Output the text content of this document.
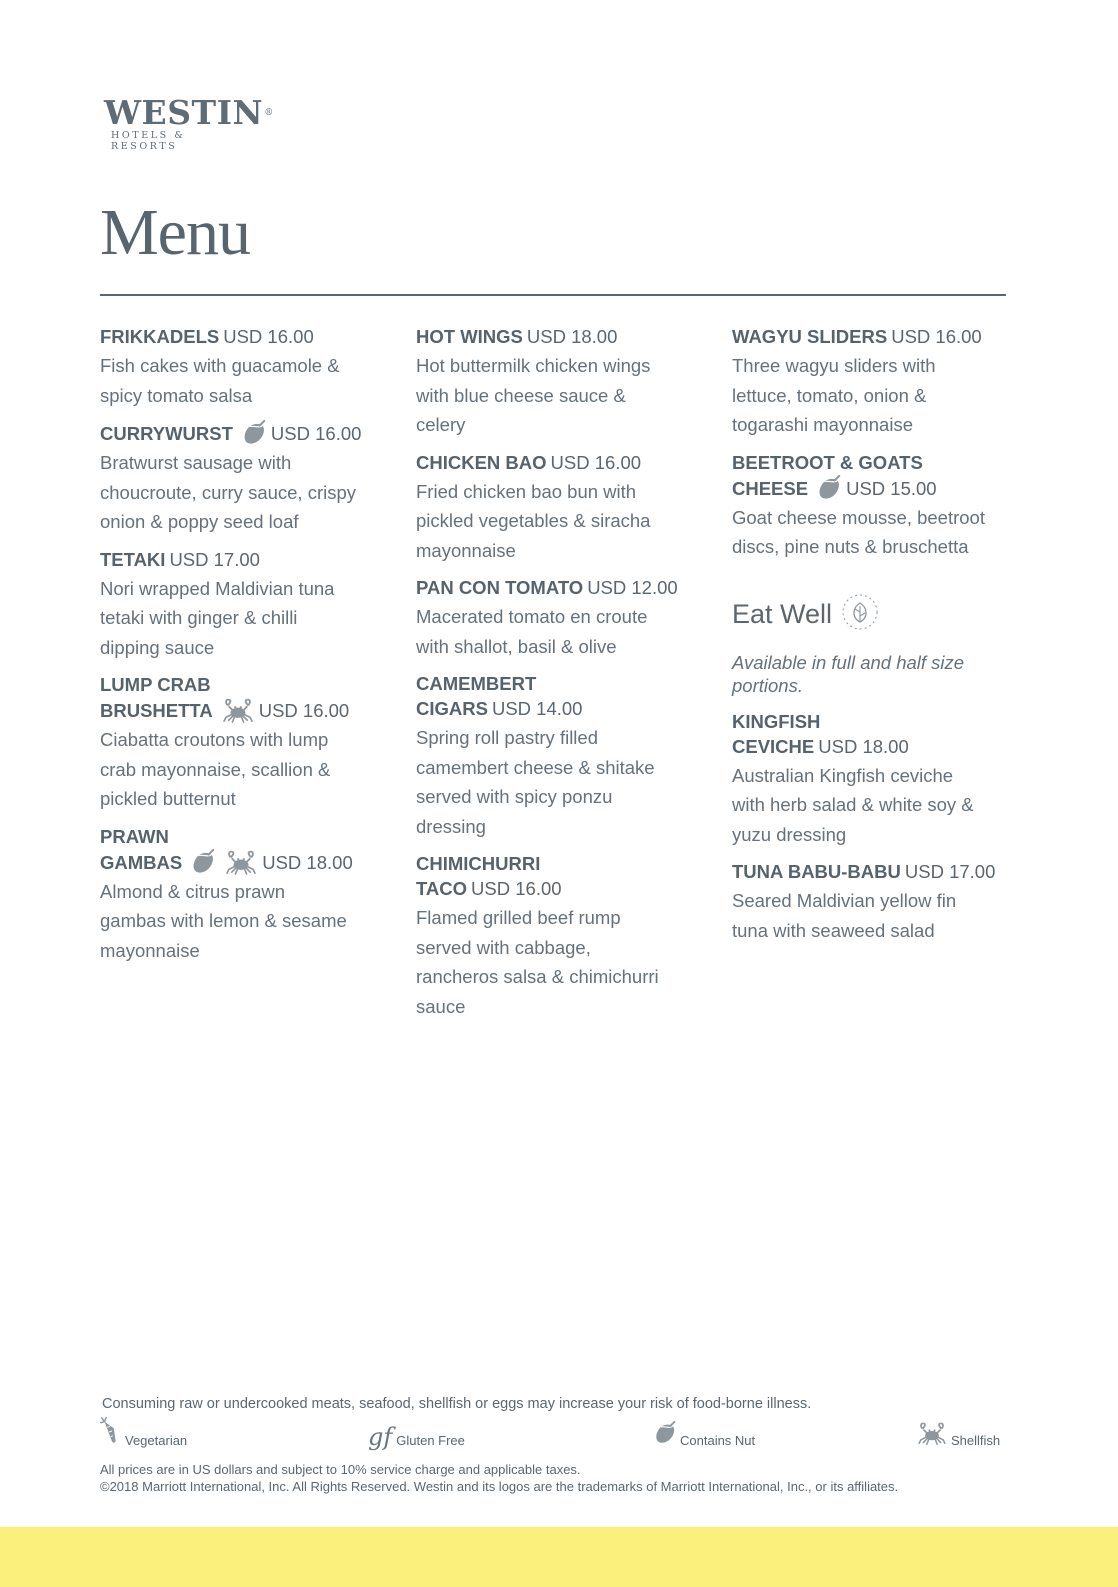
WESTIN®
HOTELS & RESORTS
Menu
FRIKKADELS USD 16.00
Fish cakes with guacamole &
spicy tomato salsa
CURRYWURST USD 16.00
Bratwurst sausage with
choucroute, curry sauce, crispy
onion & poppy seed loaf
TETAKI USD 17.00
Nori wrapped Maldivian tuna
tetaki with ginger & chilli
dipping sauce
LUMP CRAB
BRUSHETTA USD 16.00
Ciabatta croutons with lump
crab mayonnaise, scallion &
pickled butternut
PRAWN
GAMBAS	USD 18.00
Almond & citrus prawn
gambas with lemon & sesame
mayonnaise
HOT WINGS USD 18.00
Hot buttermilk chicken wings
with blue cheese sauce &
celery
CHICKEN BAO USD 16.00
Fried chicken bao bun with
pickled vegetables & siracha
mayonnaise
PAN CON TOMATO USD 12.00
Macerated tomato en croute
with shallot, basil & olive
CAMEMBERT
CIGARS USD 14.00
Spring roll pastry filled
camembert cheese & shitake
served with spicy ponzu
dressing
CHIMICHURRI
TACO USD 16.00
Flamed grilled beef rump
served with cabbage,
rancheros salsa & chimichurri
sauce
WAGYU SLIDERS USD 16.00
Three wagyu sliders with
lettuce, tomato, onion &
togarashi mayonnaise
BEETROOT & GOATS
CHEESE USD 15.00
Goat cheese mousse, beetroot
discs, pine nuts & bruschetta
Eat Well
Available in full and half size
portions.
KINGFISH
CEVICHE USD 18.00
Australian Kingfish ceviche
with herb salad & white soy &
yuzu dressing
TUNA BABU-BABU USD 17.00
Seared Maldivian yellow fin
tuna with seaweed salad
Consuming raw or undercooked meats, seafood, shellfish or eggs may increase your risk of food-borne illness.
Vegetarian	gf Gluten Free	Contains Nut	Shellfish
All prices are in US dollars and subject to 10% service charge and applicable taxes.
©2018 Marriott International, Inc. All Rights Reserved. Westin and its logos are the trademarks of Marriott International, Inc., or its affiliates.
